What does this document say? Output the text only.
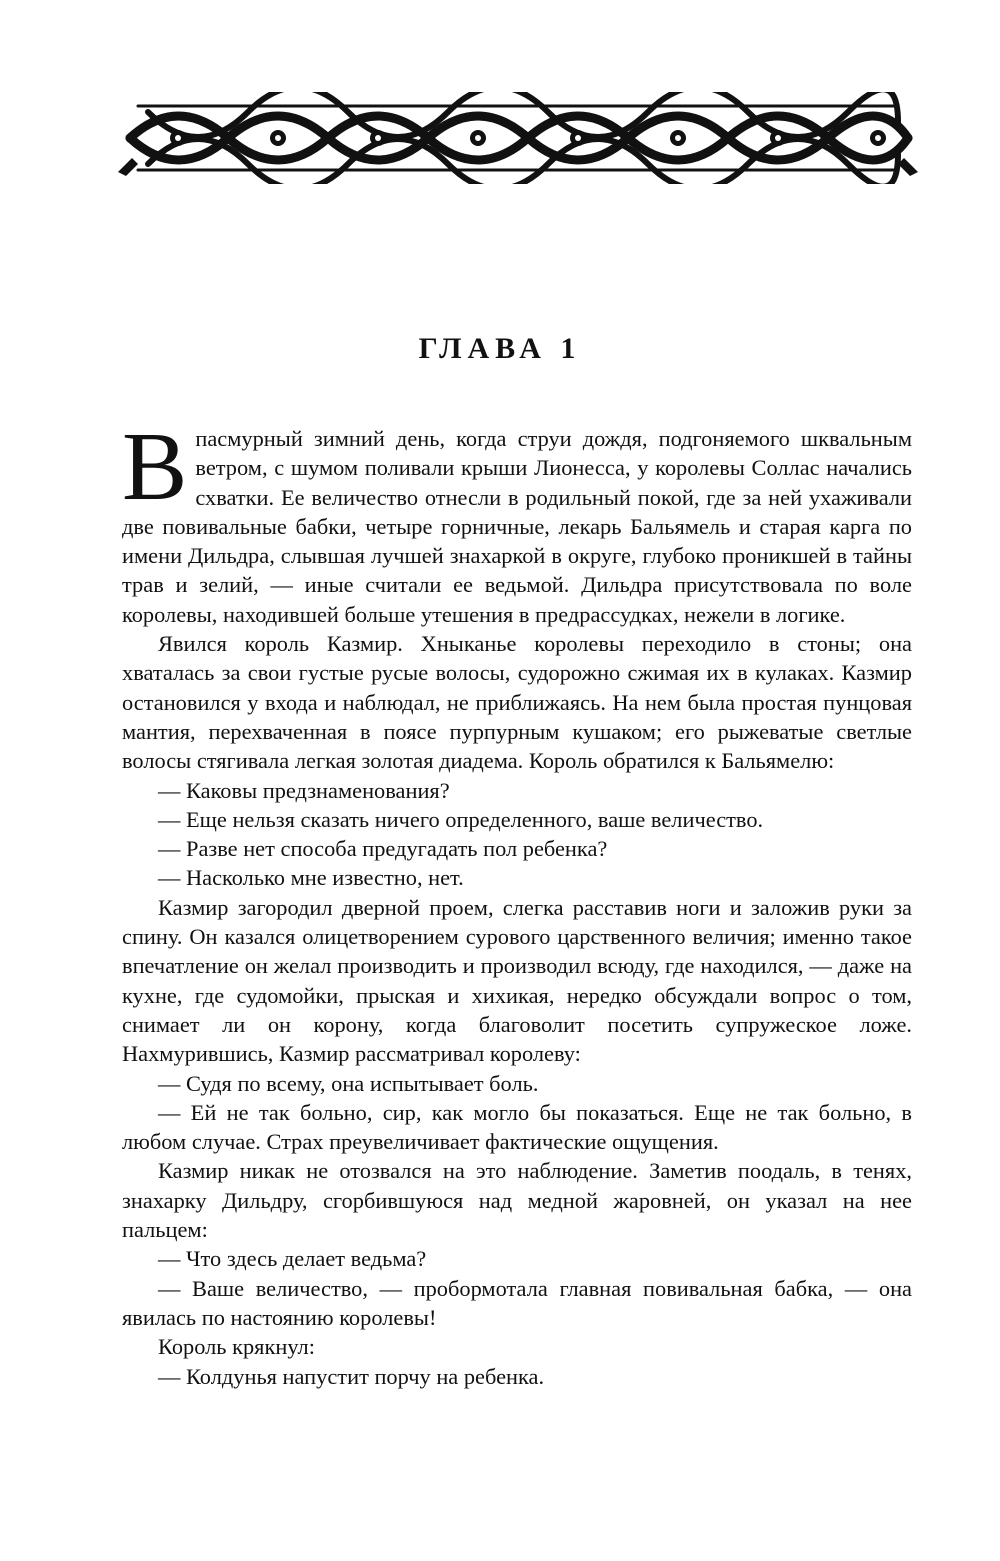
ГЛАВА 1

В пасмурный зимний день, когда струи дождя, подгоняемого шквальным ветром, с шумом поливали крыши Лионесса, у королевы Соллас начались схватки. Ее величество отнесли в родильный покой, где за ней ухаживали две повивальные бабки, четыре горничные, лекарь Бальямель и старая карга по имени Дильдра, слывшая лучшей знахаркой в округе, глубоко проникшей в тайны трав и зелий, — иные считали ее ведьмой. Дильдра присутствовала по воле королевы, находившей больше утешения в предрассудках, нежели в логике.

Явился король Казмир. Хныканье королевы переходило в стоны; она хваталась за свои густые русые волосы, судорожно сжимая их в кулаках. Казмир остановился у входа и наблюдал, не приближаясь. На нем была простая пунцовая мантия, перехваченная в поясе пурпурным кушаком; его рыжеватые светлые волосы стягивала легкая золотая диадема. Король обратился к Бальямелю:

— Каковы предзнаменования?

— Еще нельзя сказать ничего определенного, ваше величество.

— Разве нет способа предугадать пол ребенка?

— Насколько мне известно, нет.

Казмир загородил дверной проем, слегка расставив ноги и заложив руки за спину. Он казался олицетворением сурового царственного величия; именно такое впечатление он желал производить и производил всюду, где находился, — даже на кухне, где судомойки, прыская и хихикая, нередко обсуждали вопрос о том, снимает ли он корону, когда благоволит посетить супружеское ложе. Нахмурившись, Казмир рассматривал королеву:

— Судя по всему, она испытывает боль.

— Ей не так больно, сир, как могло бы показаться. Еще не так больно, в любом случае. Страх преувеличивает фактические ощущения.

Казмир никак не отозвался на это наблюдение. Заметив поодаль, в тенях, знахарку Дильдру, сгорбившуюся над медной жаровней, он указал на нее пальцем:

— Что здесь делает ведьма?

— Ваше величество, — пробормотала главная повивальная бабка, — она явилась по настоянию королевы!

Король крякнул:

— Колдунья напустит порчу на ребенка.
